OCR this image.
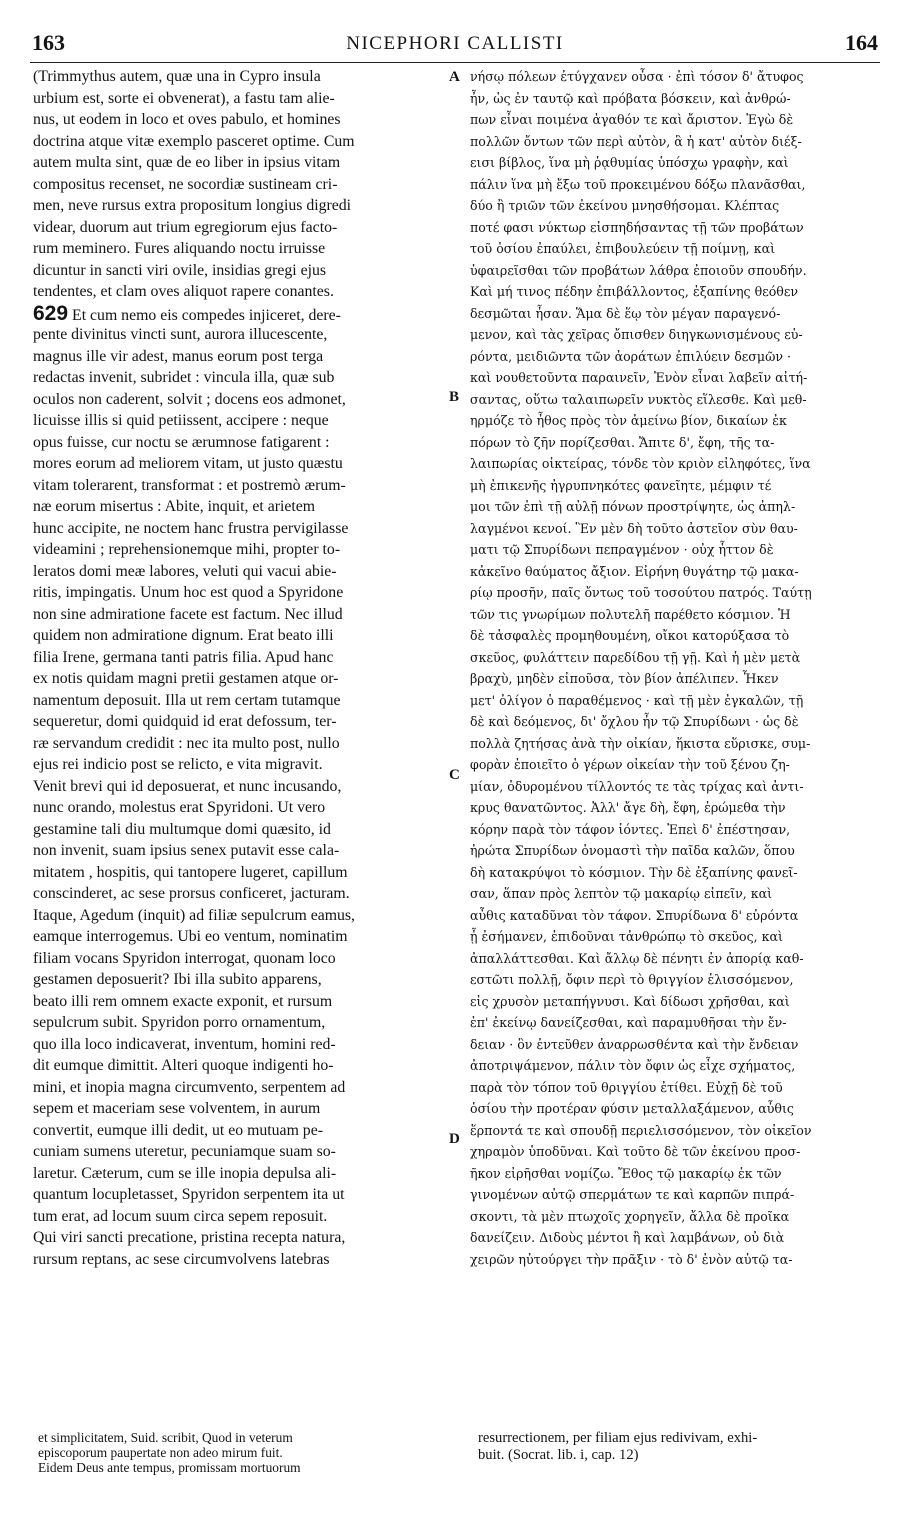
163	NICEPHORI CALLISTI	164
(Trimmythus autem, quæ una in Cypro insula
urbium est, sorte ei obvenerat), a fastu tam alie-
nus, ut eodem in loco et oves pabulo, et homines
doctrina atque vitæ exemplo pasceret optime. Cum
autem multa sint, quæ de eo liber in ipsius vitam
compositus recenset, ne socordiæ sustineam cri-
men, neve rursus extra propositum longius digredi
videar, duorum aut trium egregiorum ejus facto-
rum meminero. Fures aliquando noctu irruisse
dicuntur in sancti viri ovile, insidias gregi ejus
tendentes, et clam oves aliquot rapere conantes.
629 Et cum nemo eis compedes injiceret, dere-
pente divinitus vincti sunt, aurora illucescente,
magnus ille vir adest, manus eorum post terga
redactas invenit, subridet : vincula illa, quæ sub
oculos non caderent, solvit ; docens eos admonet,
licuisse illis si quid petiissent, accipere : neque
opus fuisse, cur noctu se ærumnose fatigarent :
mores eorum ad meliorem vitam, ut justo quæstu
vitam tolerarent, transformat : et postremò ærum-
næ eorum misertus : Abite, inquit, et arietem
hunc accipite, ne noctem hanc frustra pervigilasse
videamini ; reprehensionemque mihi, propter to-
leratos domi meæ labores, veluti qui vacui abie-
ritis, impingatis. Unum hoc est quod a Spyridone
non sine admiratione facete est factum. Nec illud
quidem non admiratione dignum. Erat beato illi
filia Irene, germana tanti patris filia. Apud hanc
ex notis quidam magni pretii gestamen atque or-
namentum deposuit. Illa ut rem certam tutamque
sequeretur, domi quidquid id erat defossum, ter-
ræ servandum credidit : nec ita multo post, nullo
ejus rei indicio post se relicto, e vita migravit.
Venit brevi qui id deposuerat, et nunc incusando,
nunc orando, molestus erat Spyridoni. Ut vero
gestamine tali diu multumque domi quæsito, id
non invenit, suam ipsius senex putavit esse cala-
mitatem , hospitis, qui tantopere lugeret, capillum
conscinderet, ac sese prorsus conficeret, jacturam.
Itaque, Agedum (inquit) ad filiæ sepulcrum eamus,
eamque interrogemus. Ubi eo ventum, nominatim
filiam vocans Spyridon interrogat, quonam loco
gestamen deposuerit? Ibi illa subito apparens,
beato illi rem omnem exacte exponit, et rursum
sepulcrum subit. Spyridon porro ornamentum,
quo illa loco indicaverat, inventum, homini red-
dit eumque dimittit. Alteri quoque indigenti ho-
mini, et inopia magna circumvento, serpentem ad
sepem et maceriam sese volventem, in aurum
convertit, eumque illi dedit, ut eo mutuam pe-
cuniam sumens uteretur, pecuniamque suam so-
laretur. Cæterum, cum se ille inopia depulsa ali-
quantum locupletasset, Spyridon serpentem ita ut
tum erat, ad locum suum circa sepem reposuit.
Qui viri sancti precatione, pristina recepta natura,
rursum reptans, ac sese circumvolvens latebras
A
B
C
D
νήσῳ πόλεων ἐτύγχανεν οὖσα · ἐπὶ τόσον δ' ἄτυφος
ἦν, ὡς ἐν ταυτῷ καὶ πρόβατα βόσκειν, καὶ ἀνθρώ-
πων εἶναι ποιμένα ἀγαθόν τε καὶ ἄριστον. Ἐγὼ δὲ
πολλῶν ὄντων τῶν περὶ αὐτὸν, ἃ ἡ κατ' αὐτὸν διέξ-
εισι βίβλος, ἵνα μὴ ῥᾳθυμίας ὑπόσχω γραφὴν, καὶ
πάλιν ἵνα μὴ ἔξω τοῦ προκειμένου δόξω πλανᾶσθαι,
δύο ἢ τριῶν τῶν ἐκείνου μνησθήσομαι. Κλέπτας
ποτέ φασι νύκτωρ εἰσπηδήσαντας τῇ τῶν προβάτων
τοῦ ὁσίου ἐπαύλει, ἐπιβουλεύειν τῇ ποίμνῃ, καὶ
ὑφαιρεῖσθαι τῶν προβάτων λάθρα ἐποιοῦν σπουδήν.
Καὶ μή τινος πέδην ἐπιβάλλοντος, ἐξαπίνης θεόθεν
δεσμῶται ἦσαν. Ἅμα δὲ ἕῳ τὸν μέγαν παραγενό-
μενον, καὶ τὰς χεῖρας ὄπισθεν διηγκωνισμένους εὑ-
ρόντα, μειδιῶντα τῶν ἀοράτων ἐπιλύειν δεσμῶν ·
καὶ νουθετοῦντα παραινεῖν, Ἐνὸν εἶναι λαβεῖν αἰτή-
σαντας, οὕτω ταλαιπωρεῖν νυκτὸς εἵλεσθε. Καὶ μεθ-
ηρμόζε τὸ ἦθος πρὸς τὸν ἀμείνω βίον, δικαίων ἐκ
πόρων τὸ ζῆν πορίζεσθαι. Ἄπιτε δ', ἔφη, τῆς τα-
λαιπωρίας οἰκτείρας, τόνδε τὸν κριὸν εἰληφότες, ἵνα
μὴ ἐπικενῆς ἠγρυπνηκότες φανεῖητε, μέμφιν τέ
μοι τῶν ἐπὶ τῇ αὐλῇ πόνων προστρίψητε, ὡς ἀπηλ-
λαγμένοι κενοί. Ἓν μὲν δὴ τοῦτο ἀστεῖον σὺν θαυ-
ματι τῷ Σπυρίδωνι πεπραγμένον · οὐχ ἧττον δὲ
κἀκεῖνο θαύματος ἄξιον. Εἰρήνη θυγάτηρ τῷ μακα-
ρίῳ προσῆν, παῖς ὄντως τοῦ τοσούτου πατρός. Ταύτῃ
τῶν τις γνωρίμων πολυτελῆ παρέθετο κόσμιον. Ἡ
δὲ τἀσφαλὲς προμηθουμένη, οἴκοι κατορύξασα τὸ
σκεῦος, φυλάττειν παρεδίδου τῇ γῇ. Καὶ ἡ μὲν μετὰ
βραχὺ, μηδὲν εἰποῦσα, τὸν βίον ἀπέλιπεν. Ἧκεν
μετ' ὀλίγον ὁ παραθέμενος · καὶ τῇ μὲν ἐγκαλῶν, τῇ
δὲ καὶ δεόμενος, δι' ὄχλου ἦν τῷ Σπυρίδωνι · ὡς δὲ
πολλὰ ζητήσας ἀνὰ τὴν οἰκίαν, ἥκιστα εὕρισκε, συμ-
φορὰν ἐποιεῖτο ὁ γέρων οἰκείαν τὴν τοῦ ξένου ζη-
μίαν, ὀδυρομένου τίλλοντός τε τὰς τρίχας καὶ ἀντι-
κρυς θανατῶντος. Ἀλλ' ἄγε δὴ, ἔφη, ἐρώμεθα τὴν
κόρην παρὰ τὸν τάφον ἰόντες. Ἐπεὶ δ' ἐπέστησαν,
ἠρώτα Σπυρίδων ὀνομαστὶ τὴν παῖδα καλῶν, ὅπου
δὴ κατακρύψοι τὸ κόσμιον. Τὴν δὲ ἐξαπίνης φανεῖ-
σαν, ἅπαν πρὸς λεπτὸν τῷ μακαρίῳ εἰπεῖν, καὶ
αὖθις καταδῦναι τὸν τάφον. Σπυρίδωνα δ' εὑρόντα
ᾗ ἐσήμανεν, ἐπιδοῦναι τἀνθρώπῳ τὸ σκεῦος, καὶ
ἀπαλλάττεσθαι. Καὶ ἄλλῳ δὲ πένητι ἐν ἀπορίᾳ καθ-
εστῶτι πολλῇ, ὄφιν περὶ τὸ θριγγίον ἑλισσόμενον,
εἰς χρυσὸν μεταπήγνυσι. Καὶ δίδωσι χρῆσθαι, καὶ
ἐπ' ἐκείνῳ δανείζεσθαι, καὶ παραμυθῆσαι τὴν ἔν-
δειαν · ὃν ἐντεῦθεν ἀναρρωσθέντα καὶ τὴν ἔνδειαν
ἀποτριψάμενον, πάλιν τὸν ὄφιν ὡς εἶχε σχήματος,
παρὰ τὸν τόπον τοῦ θριγγίου ἐτίθει. Εὐχῇ δὲ τοῦ
ὁσίου τὴν προτέραν φύσιν μεταλλαξάμενον, αὖθις
ἕρποντά τε καὶ σπουδῇ περιελισσόμενον, τὸν οἰκεῖον
χηραμὸν ὑποδῦναι. Καὶ τοῦτο δὲ τῶν ἐκείνου προσ-
ῆκον εἰρῆσθαι νομίζω. Ἔθος τῷ μακαρίῳ ἐκ τῶν
γινομένων αὐτῷ σπερμάτων τε καὶ καρπῶν πιπρά-
σκοντι, τὰ μὲν πτωχοῖς χορηγεῖν, ἄλλα δὲ προῖκα
δανείζειν. Διδοὺς μέντοι ἢ καὶ λαμβάνων, οὐ διὰ
χειρῶν ηὐτούργει τὴν πρᾶξιν · τὸ δ' ἐνὸν αὐτῷ τα-
et simplicitatem, Suid. scribit, Quod in veterum
episcoporum paupertate non adeo mirum fuit.
Eidem Deus ante tempus, promissam mortuorum
resurrectionem, per filiam ejus redivivam, exhi-
buit. (Socrat. lib. i, cap. 12)
